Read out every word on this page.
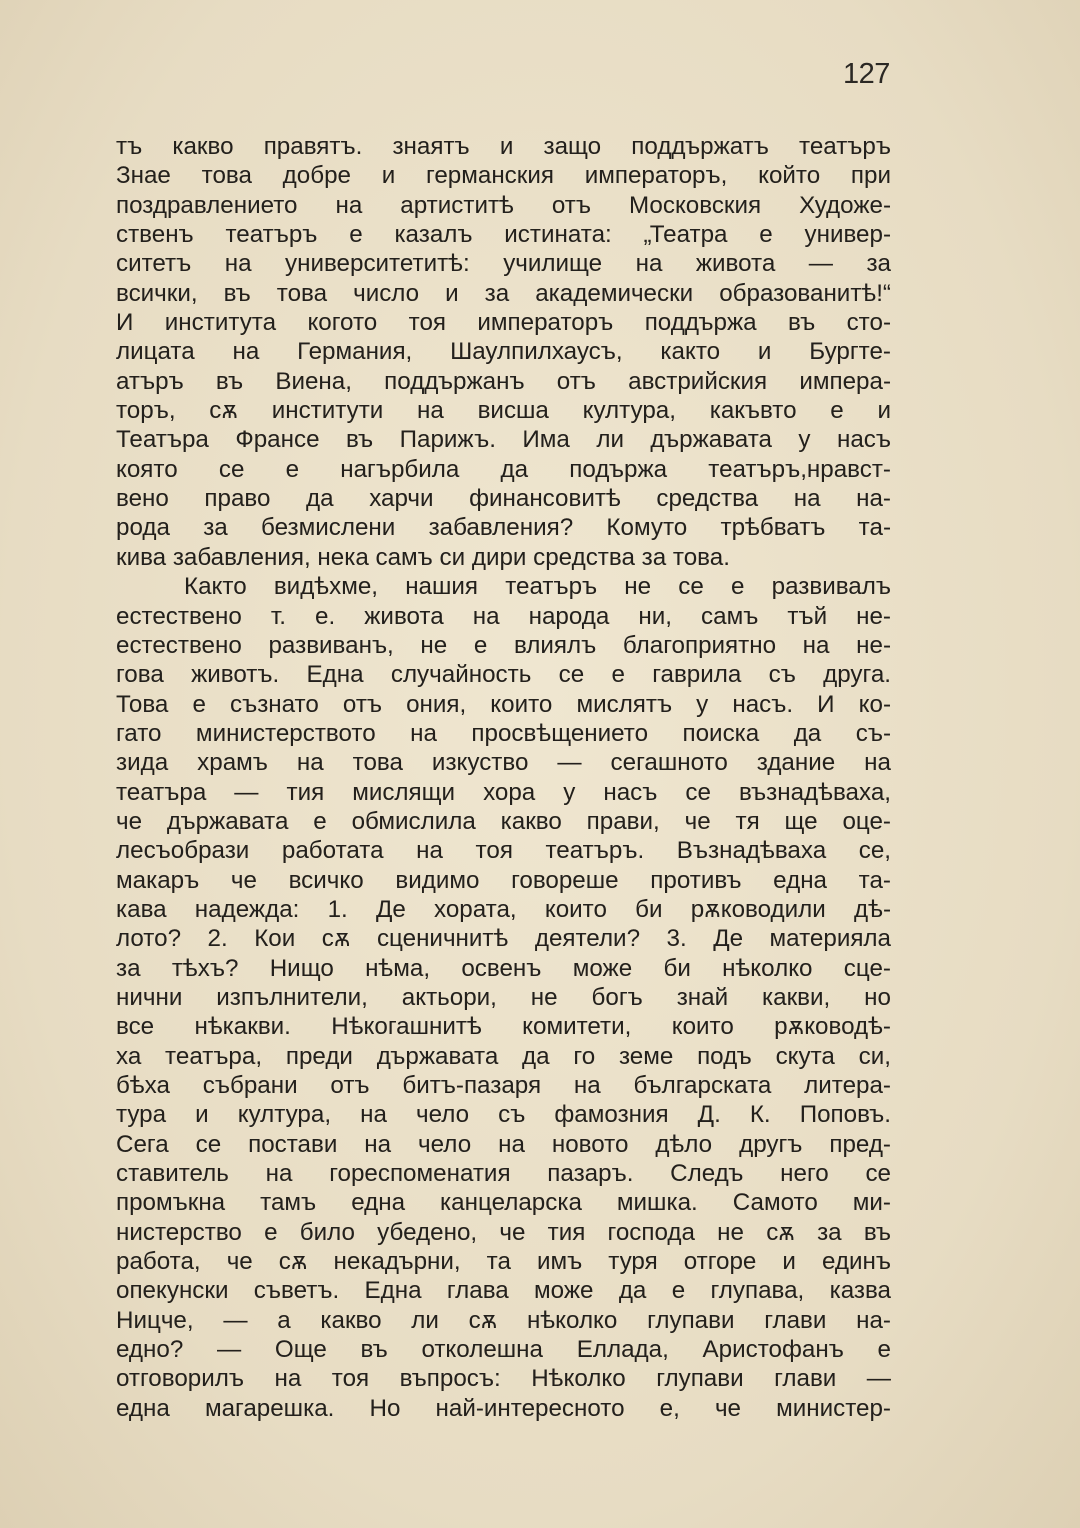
127
тъ какво правятъ. знаятъ и защо поддържатъ театъръ
Знае това добре и германския императоръ, който при
поздравлението на артиститѣ отъ Московския Художе-
ственъ театъръ е казалъ истината: „Театра е универ-
ситетъ на университетитѣ: училище на живота — за
всички, въ това число и за академически образованитѣ!“
И института когото тоя императоръ поддържа въ сто-
лицата на Германия, Шаулпилхаусъ, както и Бургте-
атъръ въ Виена, поддържанъ отъ австрийския импера-
торъ, сѫ институти на висша култура, какъвто е и
Театъра Франсе въ Парижъ. Има ли държавата у насъ
която се е нагърбила да подържа театъръ,нравст-
вено право да харчи финансовитѣ средства на на-
рода за безмислени забавления? Комуто трѣбватъ та-
кива забавления, нека самъ си дири средства за това.
Както видѣхме, нашия театъръ не се е развивалъ
естествено т. е. живота на народа ни, самъ тъй не-
естествено развиванъ, не е влиялъ благоприятно на не-
гова животъ. Една случайность се е гаврила съ друга.
Това е съзнато отъ ония, които мислятъ у насъ. И ко-
гато министерството на просвѣщението поиска да съ-
зида храмъ на това изкуство — сегашното здание на
театъра — тия мислящи хора у насъ се възнадѣваха,
че държавата е обмислила какво прави, че тя ще оце-
лесъобрази работата на тоя театъръ. Възнадѣваха се,
макаръ че всичко видимо говореше противъ една та-
кава надежда: 1. Де хората, които би рѫководили дѣ-
лото? 2. Кои сѫ сценичнитѣ деятели? 3. Де материяла
за тѣхъ? Нищо нѣма, освенъ може би нѣколко сце-
нични изпълнители, актьори, не богъ знай какви, но
все нѣкакви. Нѣкогашнитѣ комитети, които рѫководѣ-
ха театъра, преди държавата да го земе подъ скута си,
бѣха събрани отъ битъ-пазаря на българската литера-
тура и култура, на чело съ фамозния Д. К. Поповъ.
Сега се постави на чело на новото дѣло другъ пред-
ставитель на гореспоменатия пазаръ. Следъ него се
промъкна тамъ една канцеларска мишка. Самото ми-
нистерство е било убедено, че тия господа не сѫ за въ
работа, че сѫ некадърни, та имъ туря отгоре и единъ
опекунски съветъ. Една глава може да е глупава, казва
Ницче, — а какво ли сѫ нѣколко глупави глави на-
едно? — Още въ отколешна Еллада, Аристофанъ е
отговорилъ на тоя въпросъ: Нѣколко глупави глави —
една магарешка. Но най-интересното е, че министер-
